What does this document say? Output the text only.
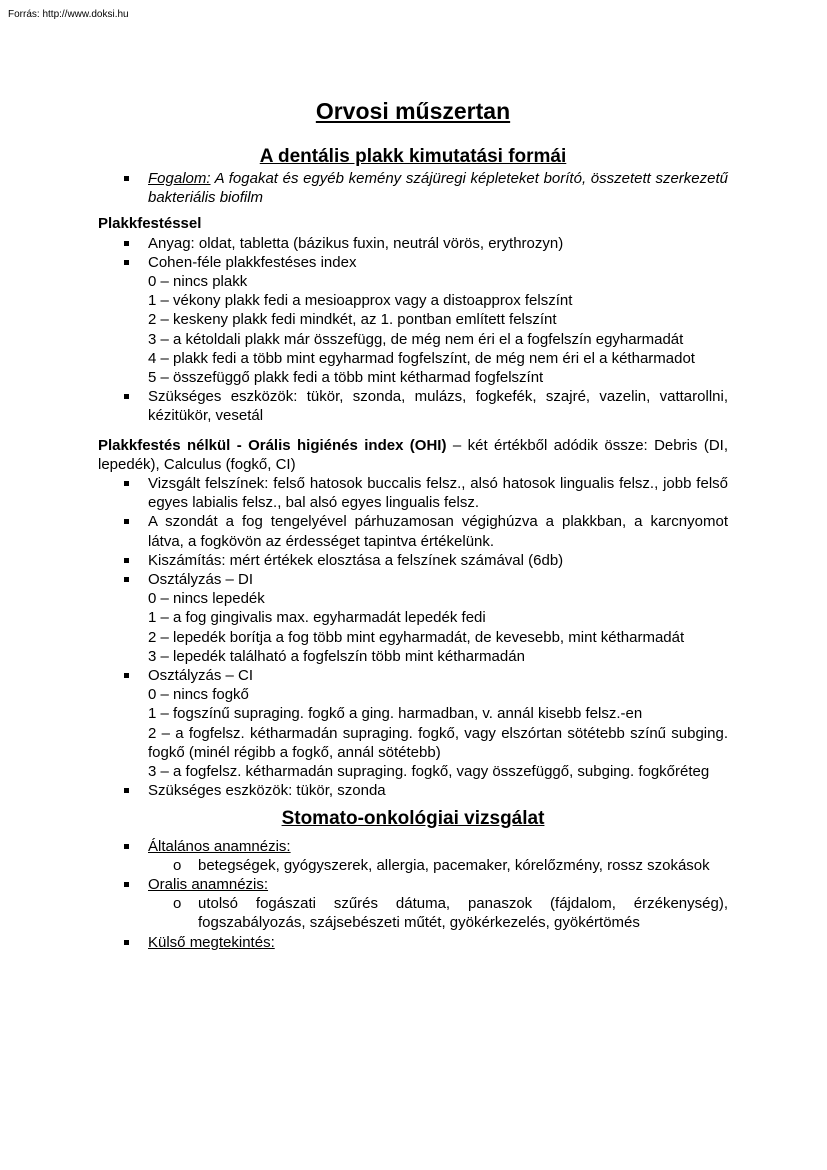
Forrás: http://www.doksi.hu
Orvosi műszertan
A dentális plakk kimutatási formái
Fogalom: A fogakat és egyéb kemény szájüregi képleteket borító, összetett szerkezetű bakteriális biofilm

Plakkfestéssel

Anyag: oldat, tabletta (bázikus fuxin, neutrál vörös, erythrozyn)
Cohen-féle plakkfestéses index
0 – nincs plakk
1 – vékony plakk fedi a mesioapprox vagy a distoapprox felszínt
2 – keskeny plakk fedi mindkét, az 1. pontban említett felszínt
3 – a kétoldali plakk már összefügg, de még nem éri el a fogfelszín egyharmadát
4 – plakk fedi a több mint egyharmad fogfelszínt, de még nem éri el a kétharmadot
5 – összefüggő plakk fedi a több mint kétharmad fogfelszínt
Szükséges eszközök: tükör, szonda, mulázs, fogkefék, szajré, vazelin, vattarollni, kézitükör, vesetál

Plakkfestés nélkül - Orális higiénés index (OHI) – két értékből adódik össze: Debris (DI, lepedék), Calculus (fogkő, CI)

Vizsgált felszínek: felső hatosok buccalis felsz., alsó hatosok lingualis felsz., jobb felső egyes labialis felsz., bal alsó egyes lingualis felsz.
A szondát a fog tengelyével párhuzamosan végighúzva a plakkban, a karcnyomot látva, a fogkövön az érdességet tapintva értékelünk.
Kiszámítás: mért értékek elosztása a felszínek számával (6db)
Osztályzás – DI
0 – nincs lepedék
1 – a fog gingivalis max. egyharmadát lepedék fedi
2 – lepedék borítja a fog több mint egyharmadát, de kevesebb, mint kétharmadát
3 – lepedék található a fogfelszín több mint kétharmadán
Osztályzás – CI
0 – nincs fogkő
1 – fogszínű supraging. fogkő a ging. harmadban, v. annál kisebb felsz.-en
2 – a fogfelsz. kétharmadán supraging. fogkő, vagy elszórtan sötétebb színű subging. fogkő (minél régibb a fogkő, annál sötétebb)
3 – a fogfelsz. kétharmadán supraging. fogkő, vagy összefüggő, subging. fogkőréteg
Szükséges eszközök: tükör, szonda
Stomato-onkológiai vizsgálat
Általános anamnézis:
o betegségek, gyógyszerek, allergia, pacemaker, kórelőzmény, rossz szokások
Oralis anamnézis:
o utolsó fogászati szűrés dátuma, panaszok (fájdalom, érzékenység), fogszabályozás, szájsebészeti műtét, gyökérkezelés, gyökértömés
Külső megtekintés:
